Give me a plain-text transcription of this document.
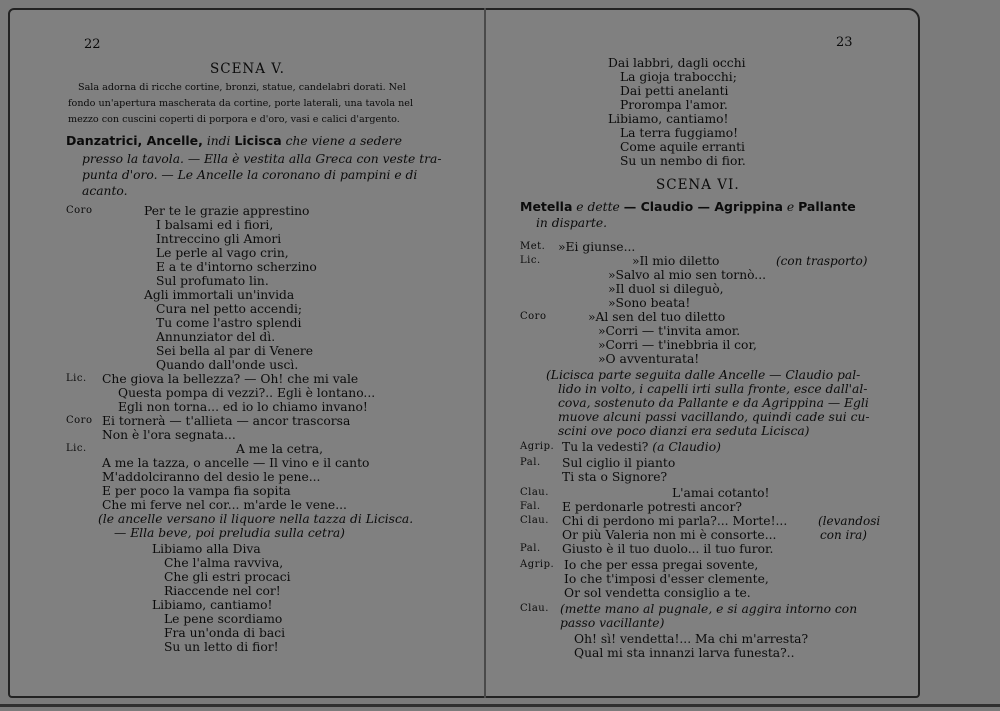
22
SCENA V.
Sala adorna di ricche cortine, bronzi, statue, candelabri dorati. Nel
fondo un'apertura mascherata da cortine, porte laterali, una tavola nel
mezzo con cuscini coperti di porpora e d'oro, vasi e calici d'argento.
Danzatrici, Ancelle, indi Licisca che viene a sedere
presso la tavola. — Ella è vestita alla Greca con veste tra-
punta d'oro. — Le Ancelle la coronano di pampini e di
acanto.
Coro	Per te le grazie apprestino
I balsami ed i fiori,
Intreccino gli Amori
Le perle al vago crin,
E a te d'intorno scherzino
Sul profumato lin.
Agli immortali un'invida
Cura nel petto accendi;
Tu come l'astro splendi
Annunziator del dì.
Sei bella al par di Venere
Quando dall'onde uscì.
Lic. Che giova la bellezza? — Oh! che mi vale
Questa pompa di vezzi?.. Egli è lontano...
Egli non torna... ed io lo chiamo invano!
Coro Ei tornerà — t'allieta — ancor trascorsa
Non è l'ora segnata...
Lic.	A me la cetra,
A me la tazza, o ancelle — Il vino e il canto
M'addolciranno del desio le pene...
E per poco la vampa fia sopita
Che mi ferve nel cor... m'arde le vene...
(le ancelle versano il liquore nella tazza di Licisca.
— Ella beve, poi preludia sulla cetra)
Libiamo alla Diva
Che l'alma ravviva,
Che gli estri procaci
Riaccende nel cor!
Libiamo, cantiamo!
Le pene scordiamo
Fra un'onda di baci
Su un letto di fior!
23
Dai labbri, dagli occhi
La gioja trabocchi;
Dai petti anelanti
Prorompa l'amor.
Libiamo, cantiamo!
La terra fuggiamo!
Come aquile erranti
Su un nembo di fior.
SCENA VI.
Metella e dette — Claudio — Agrippina e Pallante
in disparte.
Met. »Ei giunse...
Lic.	»Il mio diletto	(con trasporto)
»Salvo al mio sen tornò...
»Il duol si dileguò,
»Sono beata!
Coro	»Al sen del tuo diletto
»Corri — t'invita amor.
»Corri — t'inebbria il cor,
»O avventurata!
(Licisca parte seguita dalle Ancelle — Claudio pal-
lido in volto, i capelli irti sulla fronte, esce dall'al-
cova, sostenuto da Pallante e da Agrippina — Egli
muove alcuni passi vacillando, quindi cade sui cu-
scini ove poco dianzi era seduta Licisca)
Agrip. Tu la vedesti? (a Claudio)
Pal. Sul ciglio il pianto
Ti sta o Signore?
Clau.	L'amai cotanto!
Fal. E perdonarle potresti ancor?
Clau. Chi di perdono mi parla?... Morte!...	(levandosi
Or più Valeria non mi è consorte...	con ira)
Pal. Giusto è il tuo duolo... il tuo furor.
Agrip. Io che per essa pregai sovente,
Io che t'imposi d'esser clemente,
Or sol vendetta consiglio a te.
Clau. (mette mano al pugnale, e si aggira intorno con
passo vacillante)
Oh! sì! vendetta!... Ma chi m'arresta?
Qual mi sta innanzi larva funesta?..
